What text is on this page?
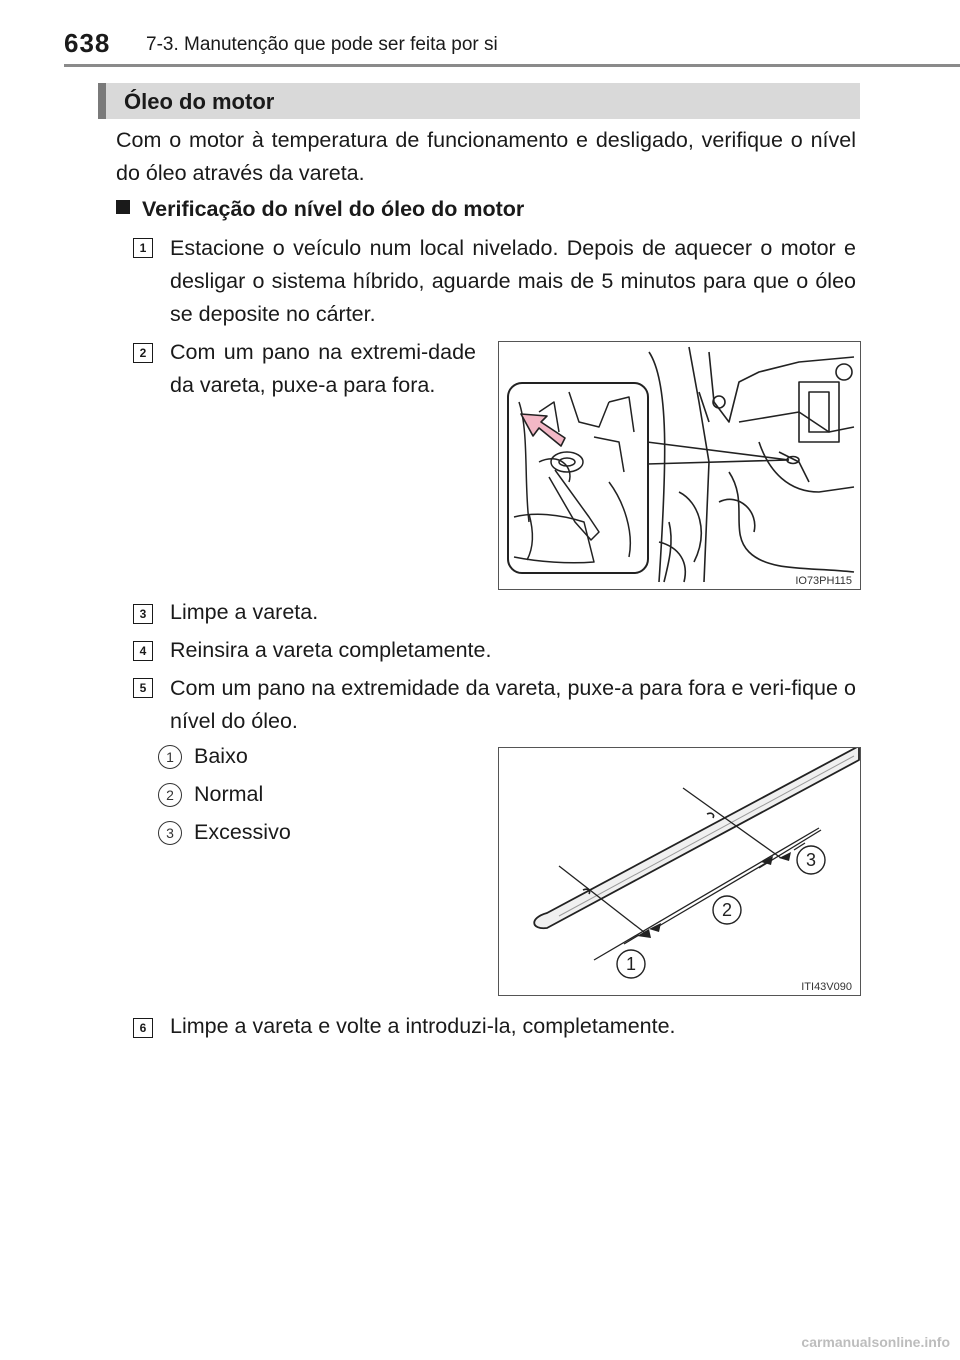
638 7-3. Manutenção que pode ser feita por si
Óleo do motor
Com o motor à temperatura de funcionamento e desligado, verifique o nível do óleo através da vareta.
Verificação do nível do óleo do motor
1	Estacione o veículo num local nivelado. Depois de aquecer o motor e desligar o sistema híbrido, aguarde mais de 5 minutos para que o óleo se deposite no cárter.
2	Com um pano na extremi-dade da vareta, puxe-a para fora.
IO73PH115
3	Limpe a vareta.
4	Reinsira a vareta completamente.
5	Com um pano na extremidade da vareta, puxe-a para fora e veri-fique o nível do óleo.
1 Baixo
2 Normal
3 Excessivo
1
2
3
ITI43V090
6	Limpe a vareta e volte a introduzi-la, completamente.
carmanualsonline.info
